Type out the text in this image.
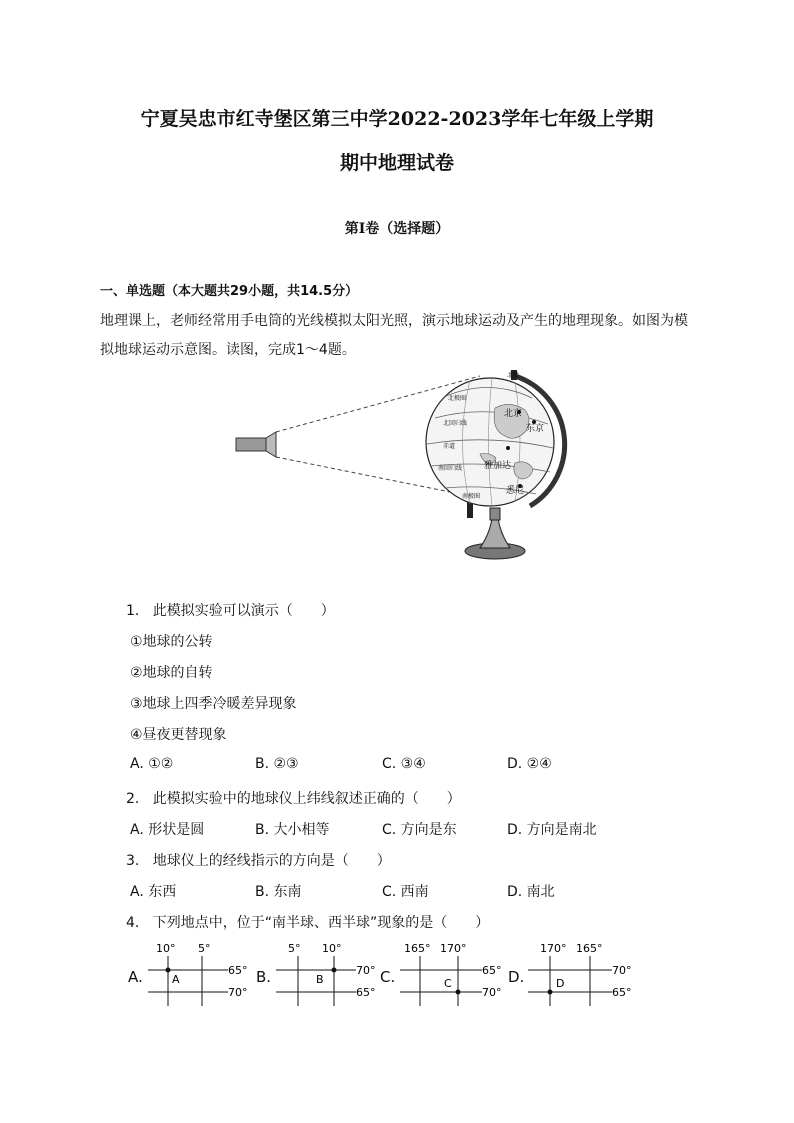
宁夏吴忠市红寺堡区第三中学2022-2023学年七年级上学期
期中地理试卷
第I卷（选择题）
一、单选题（本大题共29小题，共14.5分）
地理课上，老师经常用手电筒的光线模拟太阳光照，演示地球运动及产生的地理现象。如图为模拟地球运动示意图。读图，完成1～4题。
北极
北京
东京
北极圈
北回归线
赤道
南回归线 雅加达
悉尼
南极圈
1. 此模拟实验可以演示（　　）
①地球的公转
②地球的自转
③地球上四季冷暖差异现象
④昼夜更替现象
A. ①②	B. ②③	C. ③④	D. ②④
2. 此模拟实验中的地球仪上纬线叙述正确的（　　）
A. 形状是圆	B. 大小相等	C. 方向是东	D. 方向是南北
3. 地球仪上的经线指示的方向是（　　）
A. 东西	B. 东南	C. 西南	D. 南北
4. 下列地点中，位于“南半球、西半球”现象的是（　　）
A.
10° 5°
65°
70°
A	B.
5° 10°
70°
65°
B	C.
165° 170°
65°
70°
C	D.
170° 165°
70°
65°
D
